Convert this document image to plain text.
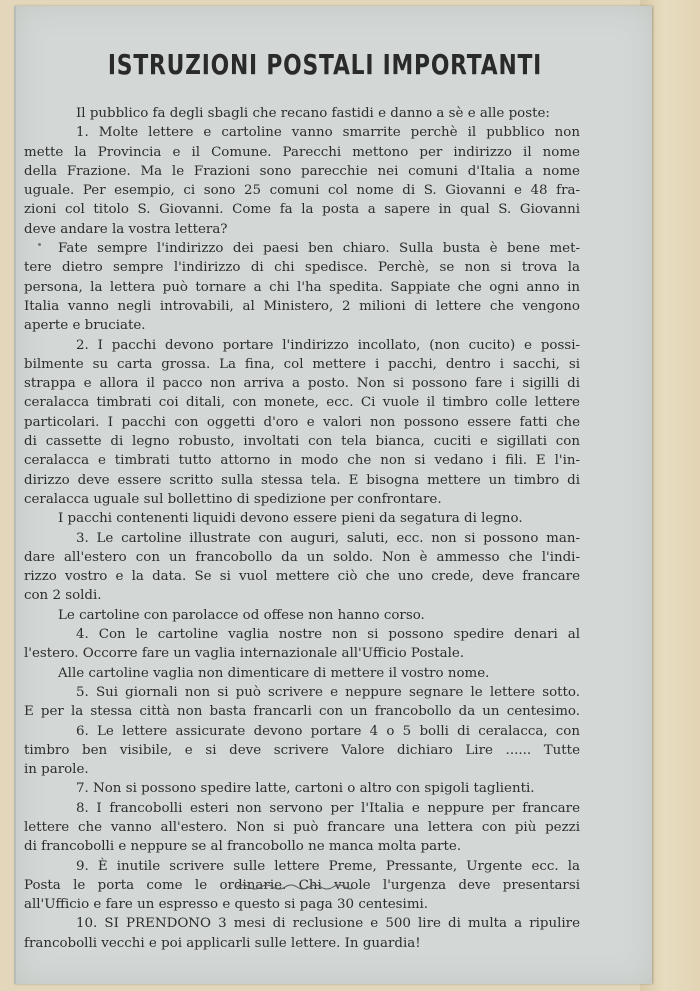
ISTRUZIONI POSTALI IMPORTANTI
Il pubblico fa degli sbagli che recano fastidi e danno a sè e alle poste:
1. Molte lettere e cartoline vanno smarrite perchè il pubblico non
mette la Provincia e il Comune. Parecchi mettono per indirizzo il nome
della Frazione. Ma le Frazioni sono parecchie nei comuni d'Italia a nome
uguale. Per esempio, ci sono 25 comuni col nome di S. Giovanni e 48 fra-
zioni col titolo S. Giovanni. Come fa la posta a sapere in qual S. Giovanni
deve andare la vostra lettera?
Fate sempre l'indirizzo dei paesi ben chiaro. Sulla busta è bene met-
tere dietro sempre l'indirizzo di chi spedisce. Perchè, se non si trova la
persona, la lettera può tornare a chi l'ha spedita. Sappiate che ogni anno in
Italia vanno negli introvabili, al Ministero, 2 milioni di lettere che vengono
aperte e bruciate.
2. I pacchi devono portare l'indirizzo incollato, (non cucito) e possi-
bilmente su carta grossa. La fina, col mettere i pacchi, dentro i sacchi, si
strappa e allora il pacco non arriva a posto. Non si possono fare i sigilli di
ceralacca timbrati coi ditali, con monete, ecc. Ci vuole il timbro colle lettere
particolari. I pacchi con oggetti d'oro e valori non possono essere fatti che
di cassette di legno robusto, involtati con tela bianca, cuciti e sigillati con
ceralacca e timbrati tutto attorno in modo che non si vedano i fili. E l'in-
dirizzo deve essere scritto sulla stessa tela. E bisogna mettere un timbro di
ceralacca uguale sul bollettino di spedizione per confrontare.
I pacchi contenenti liquidi devono essere pieni da segatura di legno.
3. Le cartoline illustrate con auguri, saluti, ecc. non si possono man-
dare all'estero con un francobollo da un soldo. Non è ammesso che l'indi-
rizzo vostro e la data. Se si vuol mettere ciò che uno crede, deve francare
con 2 soldi.
Le cartoline con parolacce od offese non hanno corso.
4. Con le cartoline vaglia nostre non si possono spedire denari al
l'estero. Occorre fare un vaglia internazionale all'Ufficio Postale.
Alle cartoline vaglia non dimenticare di mettere il vostro nome.
5. Sui giornali non si può scrivere e neppure segnare le lettere sotto.
E per la stessa città non basta francarli con un francobollo da un centesimo.
6. Le lettere assicurate devono portare 4 o 5 bolli di ceralacca, con
timbro ben visibile, e si deve scrivere Valore dichiaro Lire ...... Tutte
in parole.
7. Non si possono spedire latte, cartoni o altro con spigoli taglienti.
8. I francobolli esteri non servono per l'Italia e neppure per francare
lettere che vanno all'estero. Non si può francare una lettera con più pezzi
di francobolli e neppure se al francobollo ne manca molta parte.
9. È inutile scrivere sulle lettere Preme, Pressante, Urgente ecc. la
Posta le porta come le ordinarie. Chi vuole l'urgenza deve presentarsi
all'Ufficio e fare un espresso e questo si paga 30 centesimi.
10. SI PRENDONO 3 mesi di reclusione e 500 lire di multa a ripulire
francobolli vecchi e poi applicarli sulle lettere. In guardia!
